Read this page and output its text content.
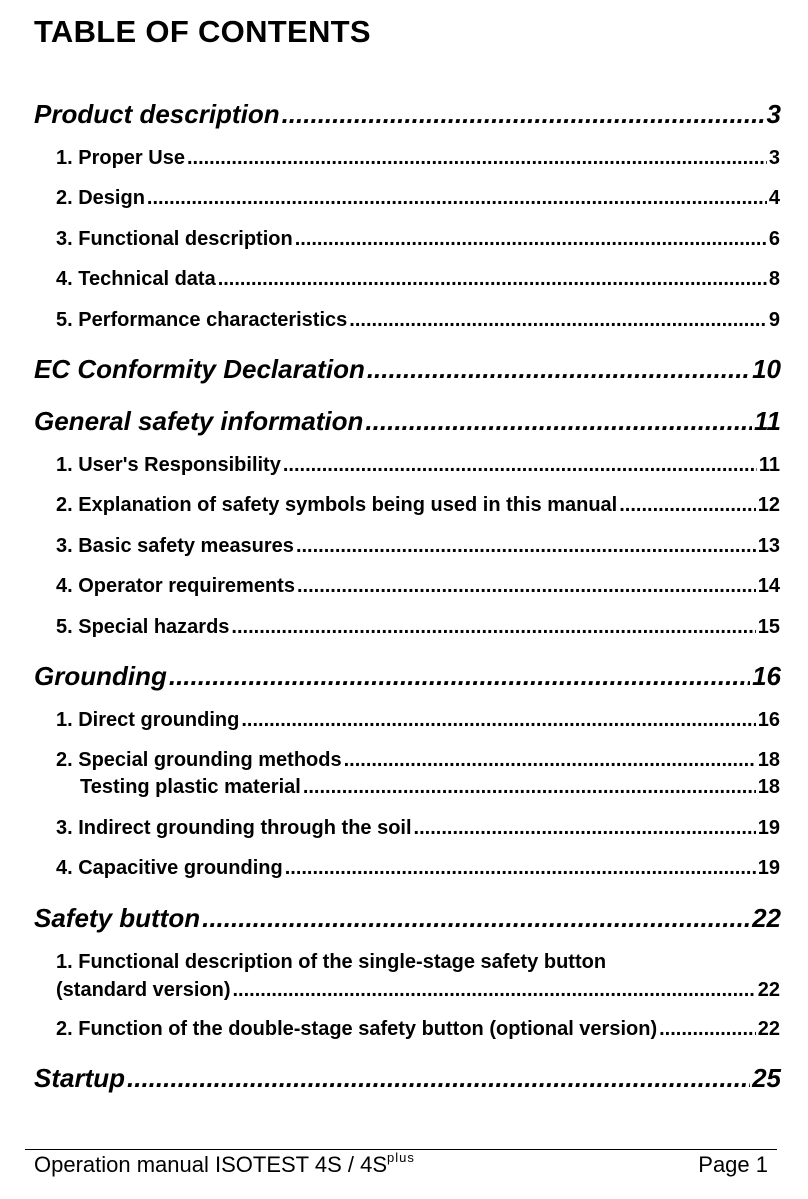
TABLE OF CONTENTS
Product description .....	3
1. Proper Use .....	3
2. Design .....	4
3. Functional description .....	6
4. Technical data .....	8
5. Performance characteristics .....	9
EC Conformity Declaration .....	10
General safety information .....	11
1. User's Responsibility .....	11
2. Explanation of safety symbols being used in this manual .....	12
3. Basic safety measures .....	13
4. Operator requirements .....	14
5. Special hazards .....	15
Grounding .....	16
1. Direct grounding .....	16
2. Special grounding methods .....	18
Testing plastic material .....	18
3. Indirect grounding through the soil .....	19
4. Capacitive grounding .....	19
Safety button .....	22
1. Functional description of the single-stage safety button
(standard version) .....	22
2. Function of the double-stage safety button (optional version) .....	22
Startup .....	25
Operation manual ISOTEST $4S / 4S^{plus}$	Page 1
